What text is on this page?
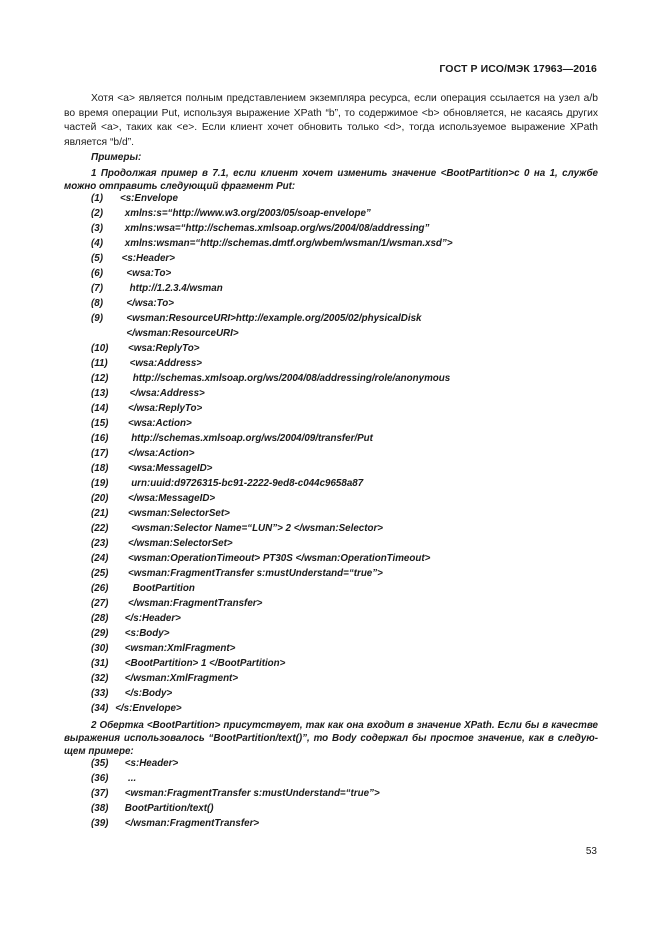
ГОСТ Р ИСО/МЭК 17963—2016
Хотя <a> является полным представлением экземпляра ресурса, если операция ссылается на узел a/b во время операции Put, используя выражение XPath “b”, то содержимое <b> обновляется, не касаясь других частей <a>, таких как <e>. Если клиент хочет обновить только <d>, тогда используемое выражение XPath является “b/d”.
Примеры:
1 Продолжая пример в 7.1, если клиент хочет изменить значение <BootPartition>c 0 на 1, службе можно отправить следующий фрагмент Put:
(1) <s:Envelope
(2) xmlns:s=“http://www.w3.org/2003/05/soap-envelope”
(3) xmlns:wsa=“http://schemas.xmlsoap.org/ws/2004/08/addressing”
(4) xmlns:wsman=“http://schemas.dmtf.org/wbem/wsman/1/wsman.xsd”>
(5) <s:Header>
(6) <wsa:To>
(7)	http://1.2.3.4/wsman
(8) </wsa:To>
(9) <wsman:ResourceURI>http://example.org/2005/02/physicalDisk
</wsman:ResourceURI>
(10) <wsa:ReplyTo>
(11) <wsa:Address>
(12) http://schemas.xmlsoap.org/ws/2004/08/addressing/role/anonymous
(13) </wsa:Address>
(14) </wsa:ReplyTo>
(15) <wsa:Action>
(16) http://schemas.xmlsoap.org/ws/2004/09/transfer/Put
(17) </wsa:Action>
(18) <wsa:MessageID>
(19) urn:uuid:d9726315-bc91-2222-9ed8-c044c9658a87
(20) </wsa:MessageID>
(21) <wsman:SelectorSet>
(22) <wsman:Selector Name=“LUN”> 2 </wsman:Selector>
(23) </wsman:SelectorSet>
(24) <wsman:OperationTimeout> PT30S </wsman:OperationTimeout>
(25) <wsman:FragmentTransfer s:mustUnderstand=“true”>
(26) BootPartition
(27) </wsman:FragmentTransfer>
(28) </s:Header>
(29) <s:Body>
(30) <wsman:XmlFragment>
(31) <BootPartition> 1 </BootPartition>
(32) </wsman:XmlFragment>
(33) </s:Body>
(34) </s:Envelope>
2 Обертка <BootPartition> присутствует, так как она входит в значение XPath. Если бы в качестве выражения использовалось “BootPartition/text()”, то Body содержал бы простое значение, как в следую-щем примере:
(35) <s:Header>
(36) ...
(37) <wsman:FragmentTransfer s:mustUnderstand=“true”>
(38) BootPartition/text()
(39) </wsman:FragmentTransfer>
53
